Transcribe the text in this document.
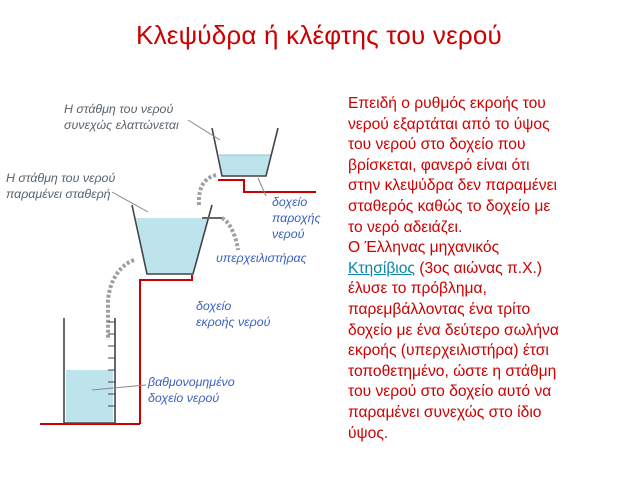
Κλεψύδρα ή κλέφτης του νερού
Η στάθμη του νερού
συνεχώς ελαττώνεται
Η στάθμη του νερού
παραμένει σταθερή
δοχείο
παροχής
νερού
υπερχειλιστήρας
δοχείο
εκροής νερού
βαθμονομημένο
δοχείο νερού
Επειδή ο ρυθμός εκροής του
νερού εξαρτάται από το ύψος
του νερού στο δοχείο που
βρίσκεται, φανερό είναι ότι
στην κλεψύδρα δεν παραμένει
σταθερός καθώς το δοχείο με
το νερό αδειάζει.
Ο Έλληνας μηχανικός
Κτησίβιος (3ος αιώνας π.Χ.)
έλυσε το πρόβλημα,
παρεμβάλλοντας ένα τρίτο
δοχείο με ένα δεύτερο σωλήνα
εκροής (υπερχειλιστήρα) έτσι
τοποθετημένο, ώστε η στάθμη
του νερού στο δοχείο αυτό να
παραμένει συνεχώς στο ίδιο
ύψος.
